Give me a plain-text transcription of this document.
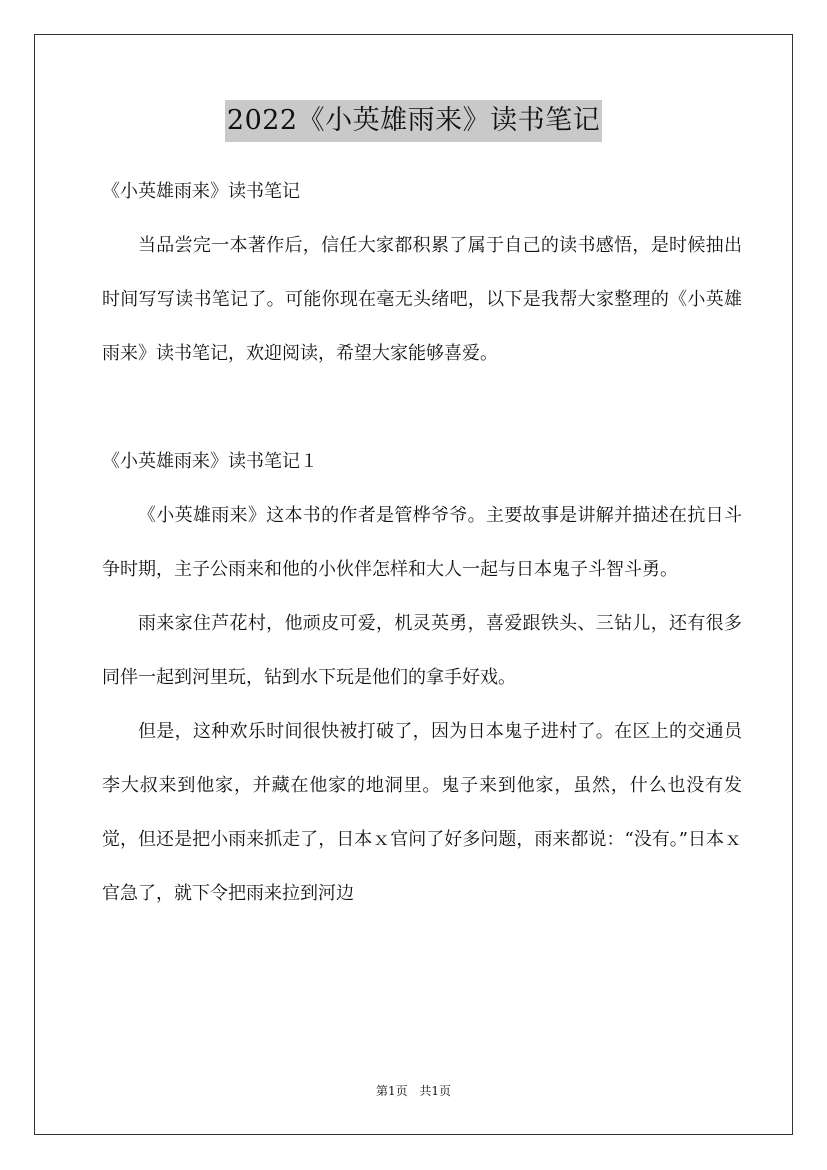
2022《小英雄雨来》读书笔记

《小英雄雨来》读书笔记

当品尝完一本著作后，信任大家都积累了属于自己的读书感悟，是时候抽出时间写写读书笔记了。可能你现在毫无头绪吧，以下是我帮大家整理的《小英雄雨来》读书笔记，欢迎阅读，希望大家能够喜爱。

《小英雄雨来》读书笔记１

《小英雄雨来》这本书的作者是管桦爷爷。主要故事是讲解并描述在抗日斗争时期，主子公雨来和他的小伙伴怎样和大人一起与日本鬼子斗智斗勇。

雨来家住芦花村，他顽皮可爱，机灵英勇，喜爱跟铁头、三钻儿，还有很多同伴一起到河里玩，钻到水下玩是他们的拿手好戏。

但是，这种欢乐时间很快被打破了，因为日本鬼子进村了。在区上的交通员李大叔来到他家，并藏在他家的地洞里。鬼子来到他家，虽然，什么也没有发觉，但还是把小雨来抓走了，日本ｘ官问了好多问题，雨来都说：“没有。”日本ｘ官急了，就下令把雨来拉到河边

第1页 共1页
